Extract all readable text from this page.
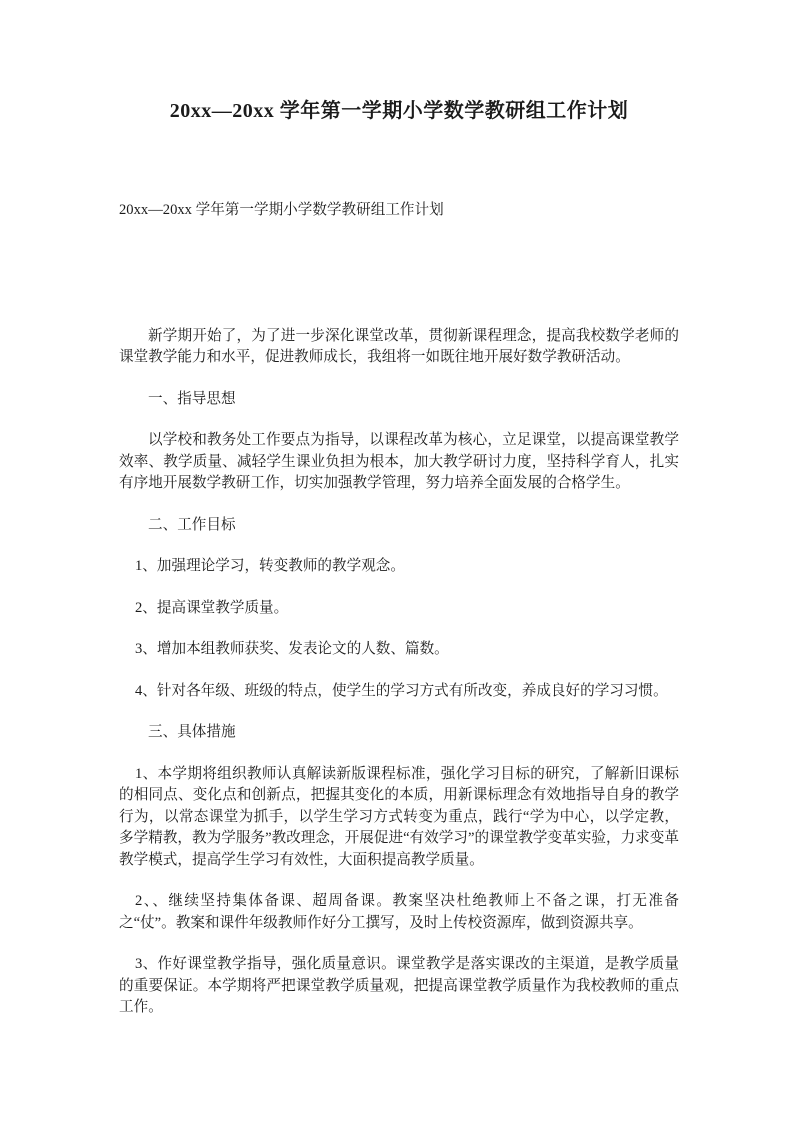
20xx—20xx 学年第一学期小学数学教研组工作计划

20xx—20xx 学年第一学期小学数学教研组工作计划

新学期开始了，为了进一步深化课堂改革，贯彻新课程理念，提高我校数学老师的课堂教学能力和水平，促进教师成长，我组将一如既往地开展好数学教研活动。

一、指导思想

以学校和教务处工作要点为指导，以课程改革为核心，立足课堂，以提高课堂教学效率、教学质量、减轻学生课业负担为根本，加大教学研讨力度，坚持科学育人，扎实有序地开展数学教研工作，切实加强教学管理，努力培养全面发展的合格学生。

二、工作目标

1、加强理论学习，转变教师的教学观念。

2、提高课堂教学质量。

3、增加本组教师获奖、发表论文的人数、篇数。

4、针对各年级、班级的特点，使学生的学习方式有所改变，养成良好的学习习惯。

三、具体措施

1、本学期将组织教师认真解读新版课程标准，强化学习目标的研究，了解新旧课标的相同点、变化点和创新点，把握其变化的本质，用新课标理念有效地指导自身的教学行为，以常态课堂为抓手，以学生学习方式转变为重点，践行“学为中心，以学定教，多学精教，教为学服务”教改理念，开展促进“有效学习”的课堂教学变革实验，力求变革教学模式，提高学生学习有效性，大面积提高教学质量。

2、、继续坚持集体备课、超周备课。教案坚决杜绝教师上不备之课，打无准备之“仗”。教案和课件年级教师作好分工撰写，及时上传校资源库，做到资源共享。

3、作好课堂教学指导，强化质量意识。课堂教学是落实课改的主渠道，是教学质量的重要保证。本学期将严把课堂教学质量观，把提高课堂教学质量作为我校教师的重点工作。
